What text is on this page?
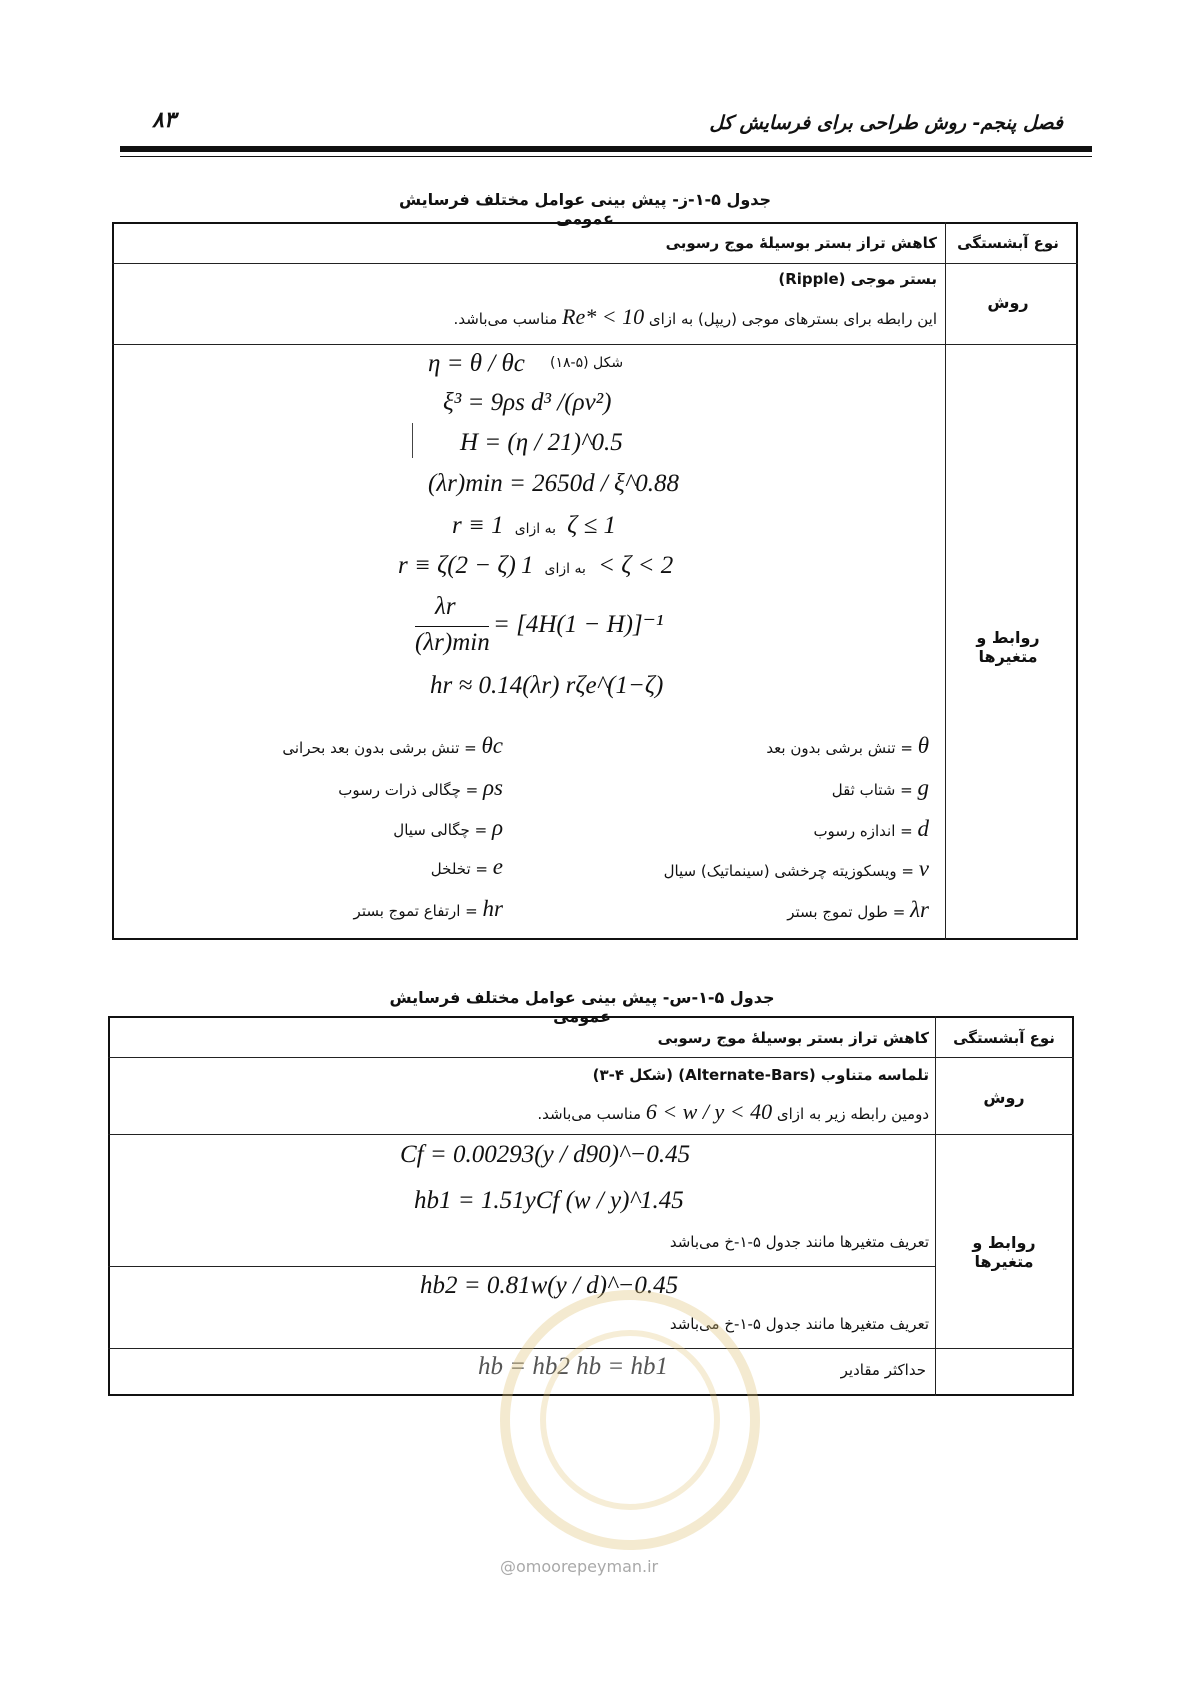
فصل پنجم- روش طراحی برای فرسایش کل
۸۳
جدول ۵-۱-ز- پیش بینی عوامل مختلف فرسایش عمومی
نوع آبشستگی
کاهش تراز بستر بوسیلهٔ موج رسوبی
روش
بستر موجی (Ripple)
این رابطه برای بسترهای موجی (ریپل) به ازای Re* < 10 مناسب می‌باشد.
روابط و متغیرها
η = θ / θc شکل (۵-۱۸)
ξ³ = 9ρs d³ /(ρν²)
H = (η / 21)^0.5
(λr)min = 2650d / ξ^0.88
r ≡ 1 به ازای ζ ≤ 1
r ≡ ζ(2 − ζ) به ازای 1 < ζ < 2
λr
(λr)min
= [4H(1 − H)]⁻¹
hr ≈ 0.14(λr) rζe^(1−ζ)
θ = تنش برشی بدون بعد
g = شتاب ثقل
d = اندازه رسوب
ν = ویسکوزیته چرخشی (سینماتیک) سیال
λr = طول تموج بستر
θc = تنش برشی بدون بعد بحرانی
ρs = چگالی ذرات رسوب
ρ = چگالی سیال
e = تخلخل
hr = ارتفاع تموج بستر
جدول ۵-۱-س- پیش بینی عوامل مختلف فرسایش عمومی
نوع آبشستگی
کاهش تراز بستر بوسیلهٔ موج رسوبی
روش
تلماسه متناوب (Alternate-Bars) (شکل ۴-۳)
دومین رابطه زیر به ازای 6 < w / y < 40 مناسب می‌باشد.
روابط و متغیرها
Cf = 0.00293(y / d90)^−0.45
hb1 = 1.51yCf (w / y)^1.45
تعریف متغیرها مانند جدول ۵-۱-خ می‌باشد
hb2 = 0.81w(y / d)^−0.45
تعریف متغیرها مانند جدول ۵-۱-خ می‌باشد
حداکثر مقادیر
hb = hb2 hb = hb1
@omoorepeyman.ir
